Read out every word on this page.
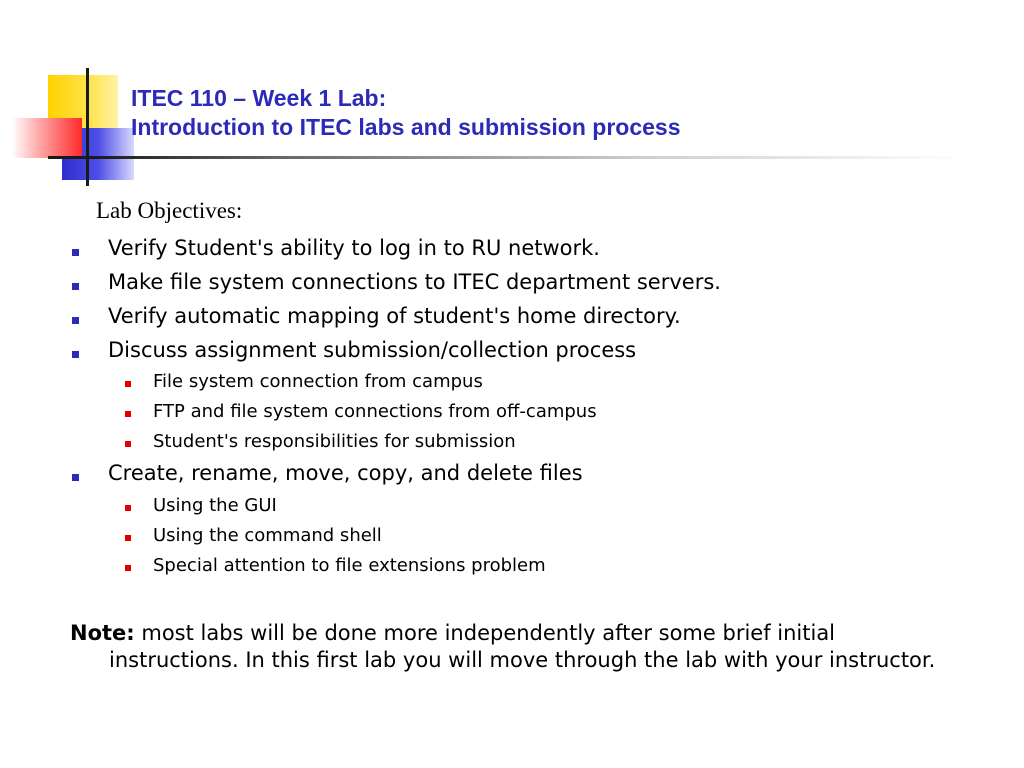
ITEC 110 – Week 1 Lab:
Introduction to ITEC labs and submission process
Lab Objectives:
Verify Student's ability to log in to RU network.
Make file system connections to ITEC department servers.
Verify automatic mapping of student's home directory.
Discuss assignment submission/collection process
File system connection from campus
FTP and file system connections from off-campus
Student's responsibilities for submission
Create, rename, move, copy, and delete files
Using the GUI
Using the command shell
Special attention to file extensions problem
Note: most labs will be done more independently after some brief initial instructions. In this first lab you will move through the lab with your instructor.
